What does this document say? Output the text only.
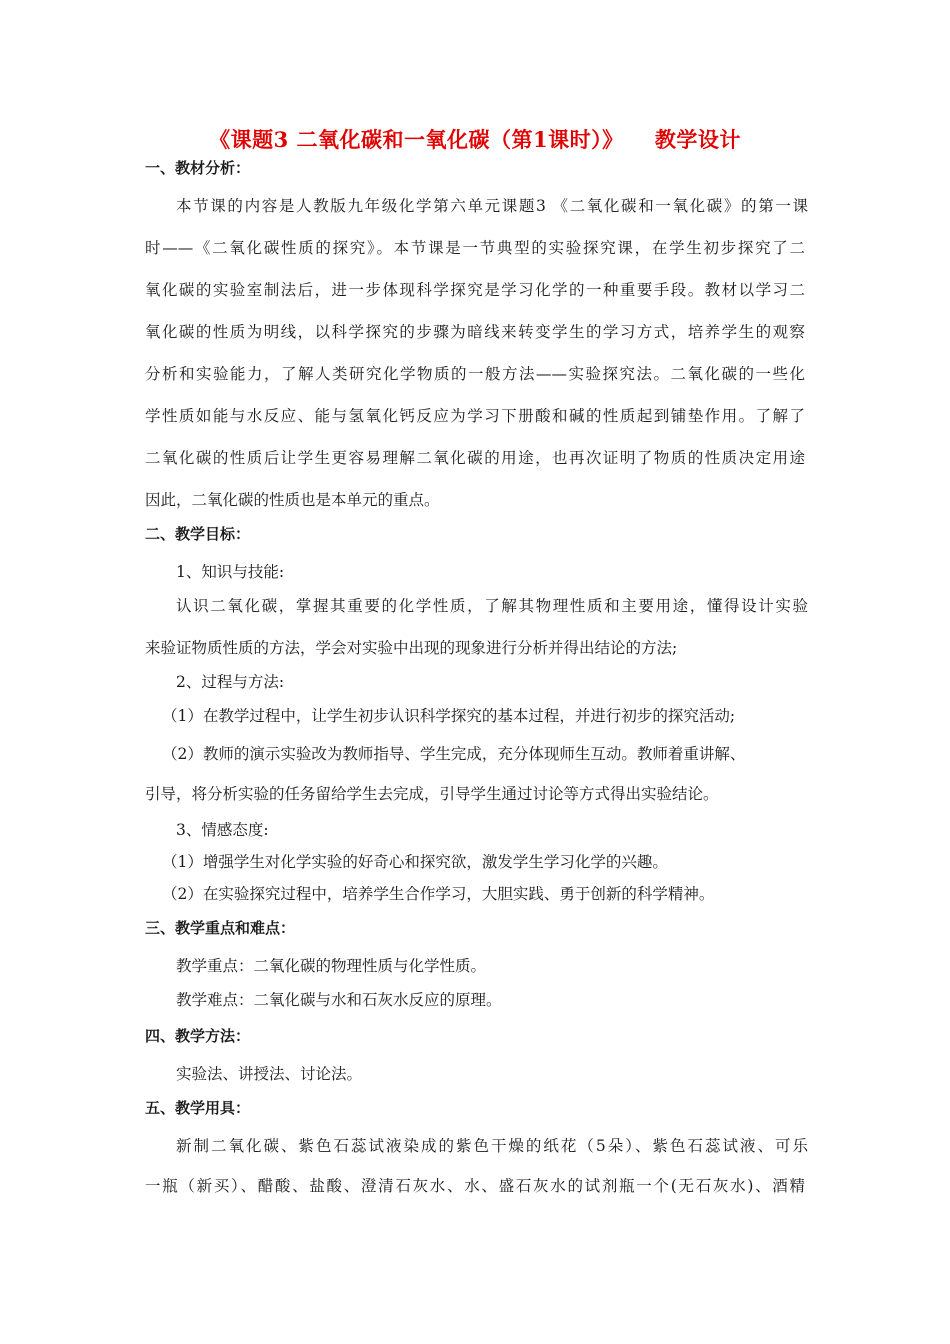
《课题3 二氧化碳和一氧化碳（第1课时）》    教学设计
一、教材分析：
本节课的内容是人教版九年级化学第六单元课题3 《二氧化碳和一氧化碳》的第一课
时——《二氧化碳性质的探究》。本节课是一节典型的实验探究课，在学生初步探究了二
氧化碳的实验室制法后，进一步体现科学探究是学习化学的一种重要手段。教材以学习二
氧化碳的性质为明线，以科学探究的步骤为暗线来转变学生的学习方式，培养学生的观察
分析和实验能力，了解人类研究化学物质的一般方法——实验探究法。二氧化碳的一些化
学性质如能与水反应、能与氢氧化钙反应为学习下册酸和碱的性质起到铺垫作用。了解了
二氧化碳的性质后让学生更容易理解二氧化碳的用途，也再次证明了物质的性质决定用途
因此，二氧化碳的性质也是本单元的重点。
二、教学目标：
1、知识与技能:
认识二氧化碳，掌握其重要的化学性质，了解其物理性质和主要用途，懂得设计实验
来验证物质性质的方法，学会对实验中出现的现象进行分析并得出结论的方法;
2、过程与方法:
（1）在教学过程中，让学生初步认识科学探究的基本过程，并进行初步的探究活动;
（2）教师的演示实验改为教师指导、学生完成，充分体现师生互动。教师着重讲解、
引导，将分析实验的任务留给学生去完成，引导学生通过讨论等方式得出实验结论。
3、情感态度:
（1）增强学生对化学实验的好奇心和探究欲，激发学生学习化学的兴趣。
（2）在实验探究过程中，培养学生合作学习，大胆实践、勇于创新的科学精神。
三、教学重点和难点：
教学重点：二氧化碳的物理性质与化学性质。
教学难点：二氧化碳与水和石灰水反应的原理。
四、教学方法：
实验法、讲授法、讨论法。
五、教学用具：
新制二氧化碳、紫色石蕊试液染成的紫色干燥的纸花（5朵）、紫色石蕊试液、可乐
一瓶（新买）、醋酸、盐酸、澄清石灰水、水、盛石灰水的试剂瓶一个(无石灰水)、酒精
